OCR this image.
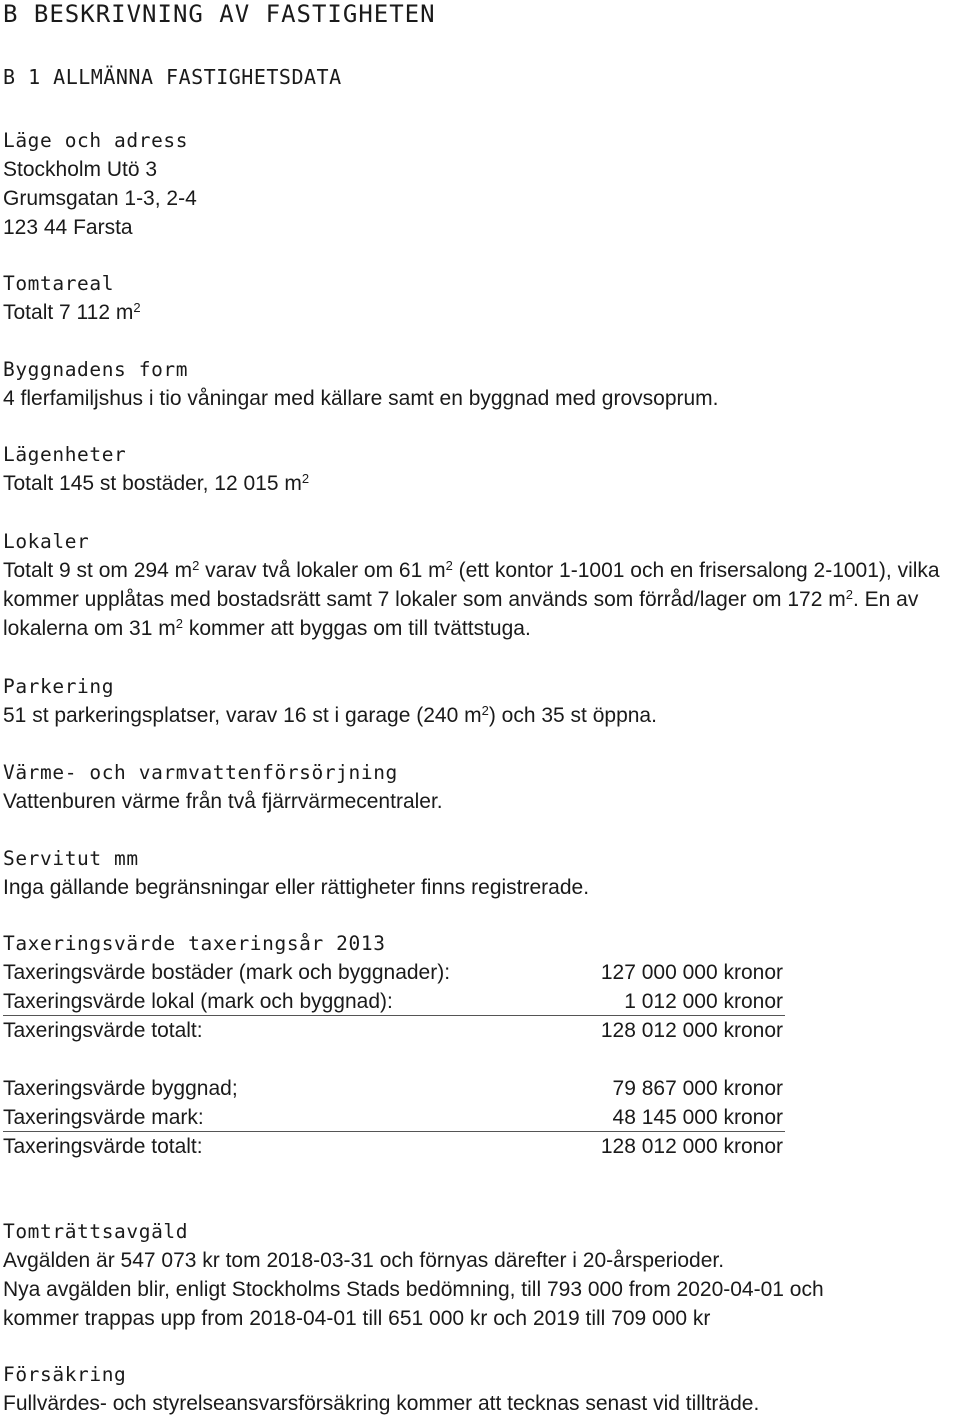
B BESKRIVNING AV FASTIGHETEN
B 1 ALLMÄNNA FASTIGHETSDATA
Läge och adress
Stockholm Utö 3
Grumsgatan 1-3, 2-4
123 44 Farsta
Tomtareal
Totalt 7 112 $m^2$
Byggnadens form
4 flerfamiljshus i tio våningar med källare samt en byggnad med grovsoprum.
Lägenheter
Totalt 145 st bostäder, 12 015 $m^2$
Lokaler
Totalt 9 st om 294 $m^2$ varav två lokaler om 61 $m^2$ (ett kontor 1-1001 och en frisersalong 2-1001), vilka kommer upplåtas med bostadsrätt samt 7 lokaler som används som förråd/lager om 172 $m^2$. En av lokalerna om 31 $m^2$ kommer att byggas om till tvättstuga.
Parkering
51 st parkeringsplatser, varav 16 st i garage (240 $m^2$) och 35 st öppna.
Värme- och varmvattenförsörjning
Vattenburen värme från två fjärrvärmecentraler.
Servitut mm
Inga gällande begränsningar eller rättigheter finns registrerade.
Taxeringsvärde taxeringsår 2013
Taxeringsvärde bostäder (mark och byggnader):	127 000 000 kronor
Taxeringsvärde lokal (mark och byggnad):	1 012 000 kronor
Taxeringsvärde totalt:	128 012 000 kronor
Taxeringsvärde byggnad;	79 867 000 kronor
Taxeringsvärde mark:	48 145 000 kronor
Taxeringsvärde totalt:	128 012 000 kronor
Tomträttsavgäld
Avgälden är 547 073 kr tom 2018-03-31 och förnyas därefter i 20-årsperioder.
Nya avgälden blir, enligt Stockholms Stads bedömning, till 793 000 from 2020-04-01 och
kommer trappas upp from 2018-04-01 till 651 000 kr och 2019 till 709 000 kr
Försäkring
Fullvärdes- och styrelseansvarsförsäkring kommer att tecknas senast vid tillträde.
